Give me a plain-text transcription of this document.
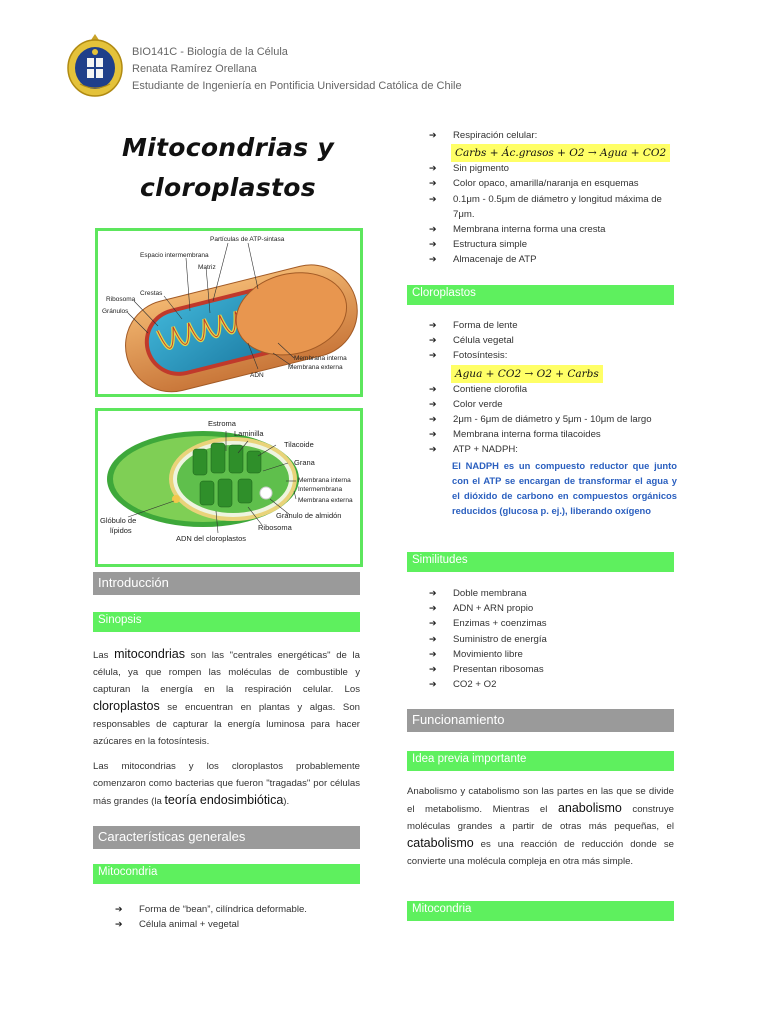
BIO141C - Biología de la Célula
Renata Ramírez Orellana
Estudiante de Ingeniería en Pontificia Universidad Católica de Chile
Mitocondrias y cloroplastos
Partículas de ATP-sintasa
Espacio intermembrana
Matriz
Crestas
Ribosoma
Gránulos
ADN
Membrana interna
Membrana externa
Estroma
Laminilla
Tilacoide
Grana
Membrana interna
Intermembrana
Membrana externa
Gránulo de almidón
Ribosoma
Glóbulo de
lípidos
ADN del cloroplastos
Introducción
Sinopsis
Las mitocondrias son las "centrales energéticas" de la célula, ya que rompen las moléculas de combustible y capturan la energía en la respiración celular. Los cloroplastos se encuentran en plantas y algas. Son responsables de capturar la energía luminosa para hacer azúcares en la fotosíntesis.
Las mitocondrias y los cloroplastos probablemente comenzaron como bacterias que fueron "tragadas" por células más grandes (la teoría endosimbiótica).
Características generales
Mitocondria
➔ Forma de “bean”, cilíndrica deformable.
➔ Célula animal + vegetal
➔ Respiración celular:
Carbs + Ác.grasos + O2 → Agua + CO2
➔ Sin pigmento
➔ Color opaco, amarilla/naranja en esquemas
➔ 0.1μm - 0.5μm de diámetro y longitud máxima de 7μm.
➔ Membrana interna forma una cresta
➔ Estructura simple
➔ Almacenaje de ATP
Cloroplastos
➔ Forma de lente
➔ Célula vegetal
➔ Fotosíntesis:
Agua + CO2 → O2 + Carbs
➔ Contiene clorofila
➔ Color verde
➔ 2μm - 6μm de diámetro y 5μm - 10μm de largo
➔ Membrana interna forma tilacoides
➔ ATP + NADPH:
El NADPH es un compuesto reductor que junto con el ATP se encargan de transformar el agua y el dióxido de carbono en compuestos orgánicos reducidos (glucosa p. ej.), liberando oxígeno
Similitudes
➔ Doble membrana
➔ ADN + ARN propio
➔ Enzimas + coenzimas
➔ Suministro de energía
➔ Movimiento libre
➔ Presentan ribosomas
➔ CO2 + O2
Funcionamiento
Idea previa importante
Anabolismo y catabolismo son las partes en las que se divide el metabolismo. Mientras el anabolismo construye moléculas grandes a partir de otras más pequeñas, el catabolismo es una reacción de reducción donde se convierte una molécula compleja en otra más simple.
Mitocondria
